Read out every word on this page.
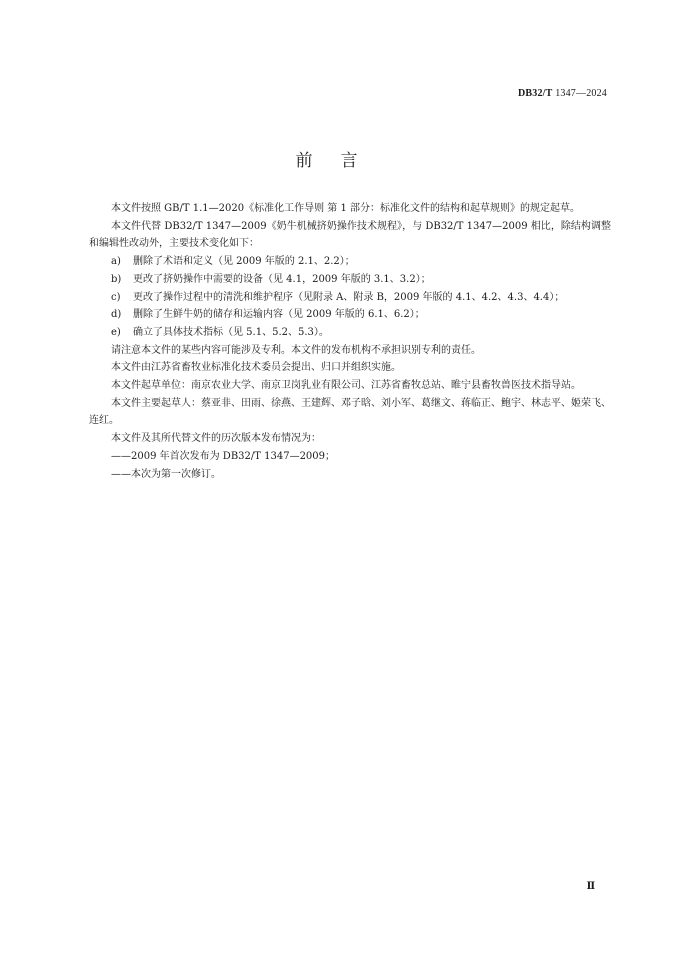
DB32/T 1347—2024
前言

本文件按照 GB/T 1.1—2020《标准化工作导则 第 1 部分：标准化文件的结构和起草规则》的规定起草。

本文件代替 DB32/T 1347—2009《奶牛机械挤奶操作技术规程》，与 DB32/T 1347—2009 相比，除结构调整和编辑性改动外，主要技术变化如下：

a) 删除了术语和定义（见 2009 年版的 2.1、2.2）；

b) 更改了挤奶操作中需要的设备（见 4.1，2009 年版的 3.1、3.2）；

c) 更改了操作过程中的清洗和维护程序（见附录 A、附录 B，2009 年版的 4.1、4.2、4.3、4.4）；

d) 删除了生鲜牛奶的储存和运输内容（见 2009 年版的 6.1、6.2）；

e) 确立了具体技术指标（见 5.1、5.2、5.3）。

请注意本文件的某些内容可能涉及专利。本文件的发布机构不承担识别专利的责任。

本文件由江苏省畜牧业标准化技术委员会提出、归口并组织实施。

本文件起草单位：南京农业大学、南京卫岗乳业有限公司、江苏省畜牧总站、睢宁县畜牧兽医技术指导站。

本文件主要起草人：蔡亚非、田雨、徐燕、王建辉、邓子晗、刘小军、葛继文、蒋临正、鲍宇、林志平、姬荣飞、连红。

本文件及其所代替文件的历次版本发布情况为：

——2009 年首次发布为 DB32/T 1347—2009；

——本次为第一次修订。

Ⅱ
